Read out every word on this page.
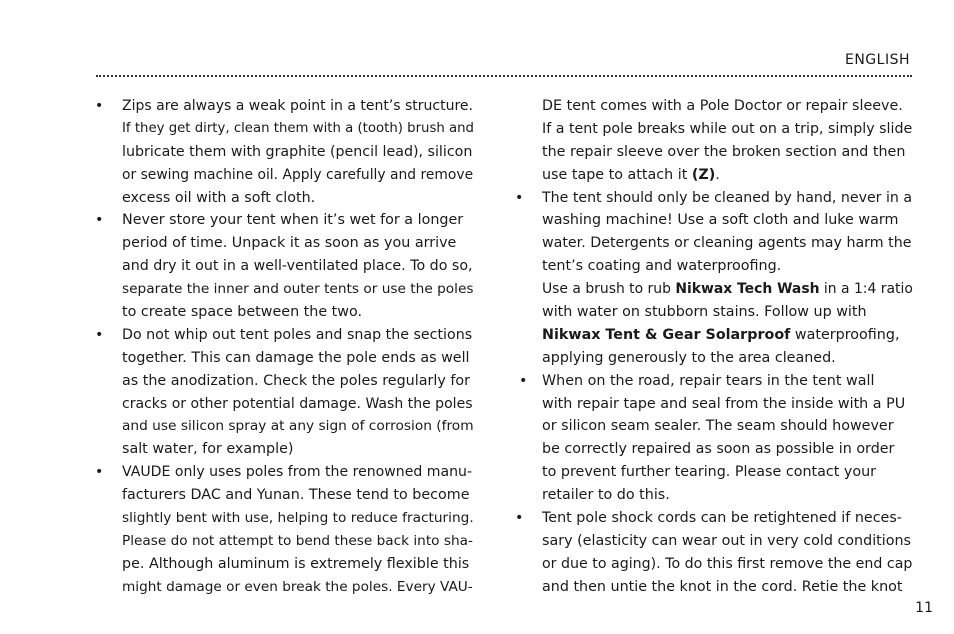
ENGLISH
• Zips are always a weak point in a tent’s structure.
If they get dirty, clean them with a (tooth) brush and
lubricate them with graphite (pencil lead), silicon
or sewing machine oil. Apply carefully and remove
excess oil with a soft cloth.
• Never store your tent when it’s wet for a longer
period of time. Unpack it as soon as you arrive
and dry it out in a well-ventilated place. To do so,
separate the inner and outer tents or use the poles
to create space between the two.
• Do not whip out tent poles and snap the sections
together. This can damage the pole ends as well
as the anodization. Check the poles regularly for
cracks or other potential damage. Wash the poles
and use silicon spray at any sign of corrosion (from
salt water, for example)
• VAUDE only uses poles from the renowned manu-
facturers DAC and Yunan. These tend to become
slightly bent with use, helping to reduce fracturing.
Please do not attempt to bend these back into sha-
pe. Although aluminum is extremely flexible this
might damage or even break the poles. Every VAU-
DE tent comes with a Pole Doctor or repair sleeve.
If a tent pole breaks while out on a trip, simply slide
the repair sleeve over the broken section and then
use tape to attach it (Z).
• The tent should only be cleaned by hand, never in a
washing machine! Use a soft cloth and luke warm
water. Detergents or cleaning agents may harm the
tent’s coating and waterproofing.
Use a brush to rub Nikwax Tech Wash in a 1:4 ratio
with water on stubborn stains. Follow up with
Nikwax Tent & Gear Solarproof waterproofing,
applying generously to the area cleaned.
• When on the road, repair tears in the tent wall
with repair tape and seal from the inside with a PU
or silicon seam sealer. The seam should however
be correctly repaired as soon as possible in order
to prevent further tearing. Please contact your
retailer to do this.
• Tent pole shock cords can be retightened if neces-
sary (elasticity can wear out in very cold conditions
or due to aging). To do this first remove the end cap
and then untie the knot in the cord. Retie the knot
11
